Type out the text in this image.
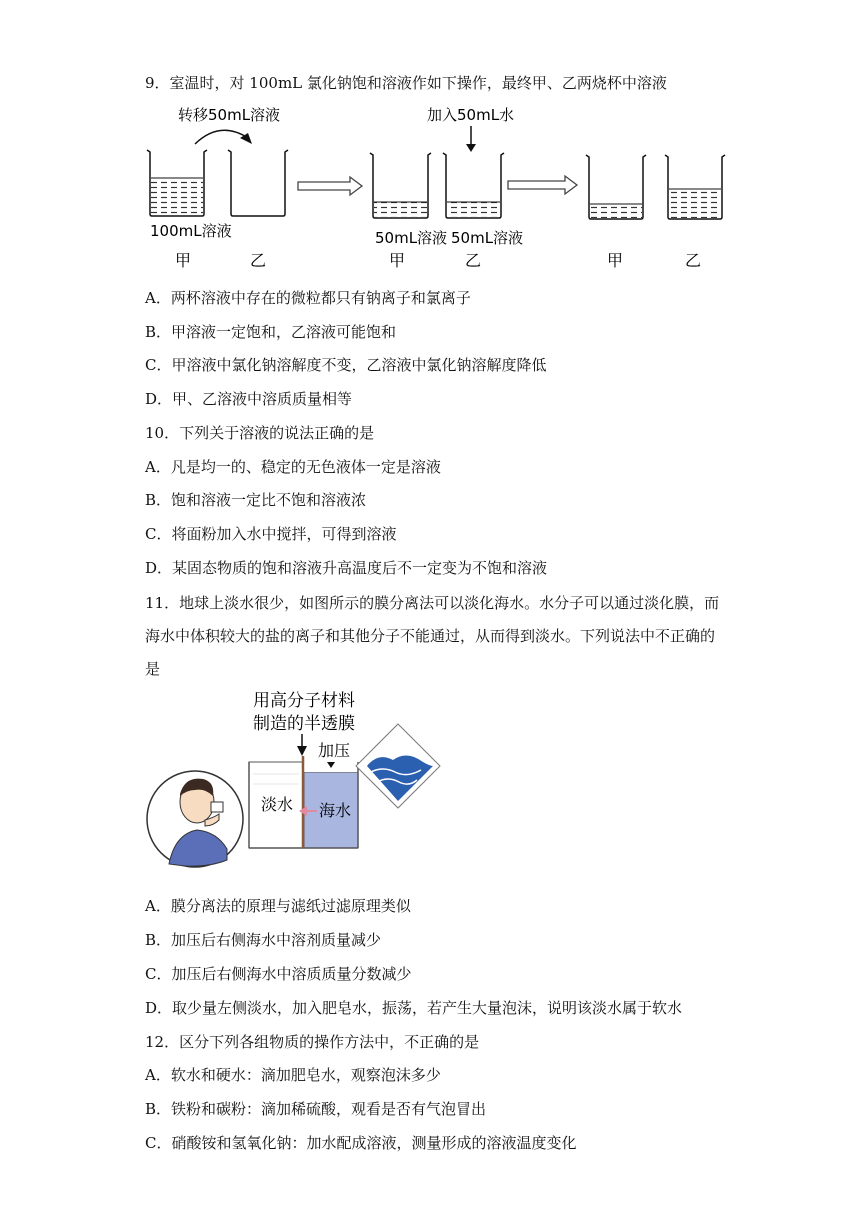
9．室温时，对 100mL 氯化钠饱和溶液作如下操作，最终甲、乙两烧杯中溶液
转移50mL溶液
100mL溶液
甲	乙
加入50mL水
50mL溶液 50mL溶液
甲	乙	甲	乙
A．两杯溶液中存在的微粒都只有钠离子和氯离子
B．甲溶液一定饱和，乙溶液可能饱和
C．甲溶液中氯化钠溶解度不变，乙溶液中氯化钠溶解度降低
D．甲、乙溶液中溶质质量相等
10．下列关于溶液的说法正确的是
A．凡是均一的、稳定的无色液体一定是溶液
B．饱和溶液一定比不饱和溶液浓
C．将面粉加入水中搅拌，可得到溶液
D．某固态物质的饱和溶液升高温度后不一定变为不饱和溶液
11．地球上淡水很少，如图所示的膜分离法可以淡化海水。水分子可以通过淡化膜，而
海水中体积较大的盐的离子和其他分子不能通过，从而得到淡水。下列说法中不正确的
是
用高分子材料
制造的半透膜
加压
淡水 海水
A．膜分离法的原理与滤纸过滤原理类似
B．加压后右侧海水中溶剂质量减少
C．加压后右侧海水中溶质质量分数减少
D．取少量左侧淡水，加入肥皂水，振荡，若产生大量泡沫，说明该淡水属于软水
12．区分下列各组物质的操作方法中，不正确的是
A．软水和硬水：滴加肥皂水，观察泡沫多少
B．铁粉和碳粉：滴加稀硫酸，观看是否有气泡冒出
C．硝酸铵和氢氧化钠：加水配成溶液，测量形成的溶液温度变化
